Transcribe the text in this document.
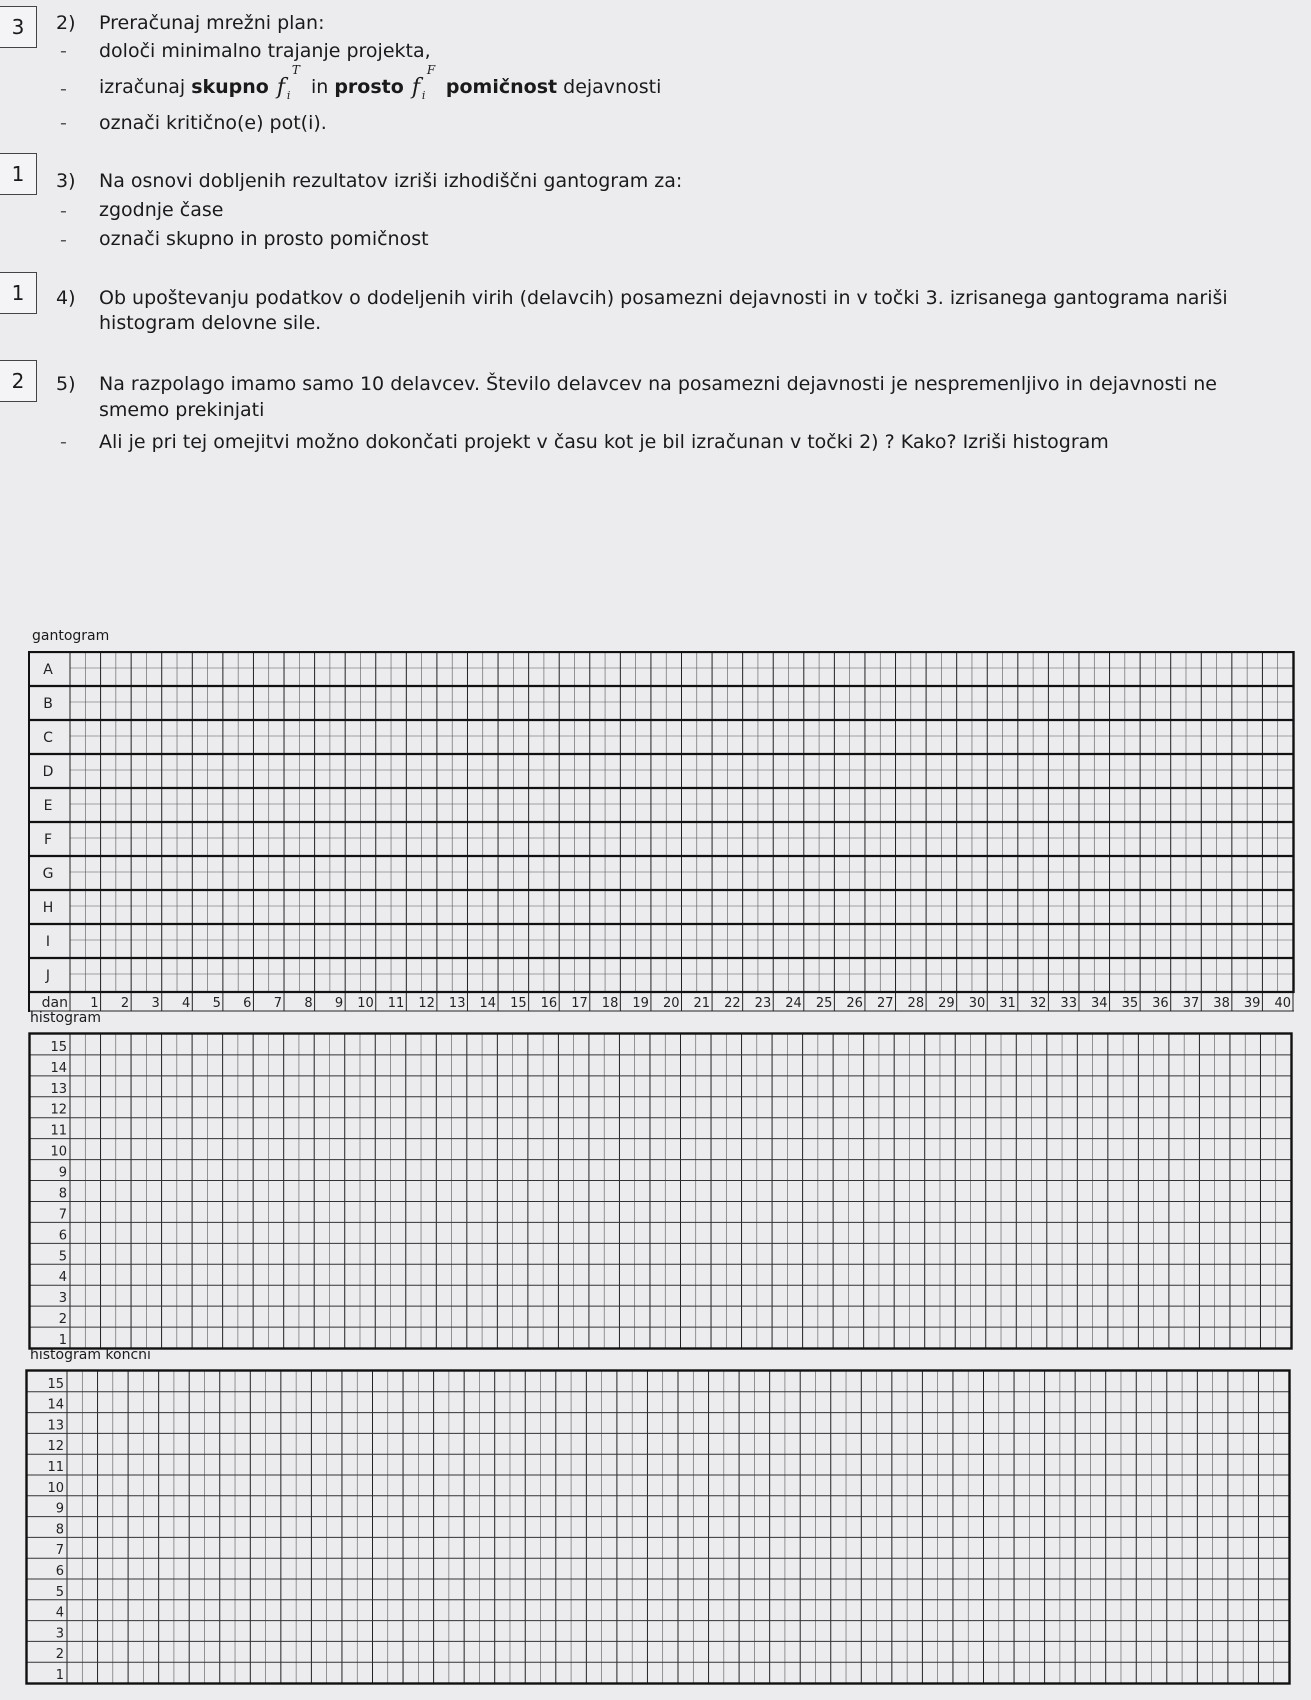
3	2) Preračunaj mrežni plan:
- določi minimalno trajanje projekta,
- izračunaj skupno f
T
i in prosto f
F
i pomičnost dejavnosti
- označi kritično(e) pot(i).
1	3) Na osnovi dobljenih rezultatov izriši izhodiščni gantogram za:
- zgodnje čase
- označi skupno in prosto pomičnost
1	4) Ob upoštevanju podatkov o dodeljenih virih (delavcih) posamezni dejavnosti in v točki 3. izrisanega gantograma nariši
histogram delovne sile.
2	5) Na razpolago imamo samo 10 delavcev. Število delavcev na posamezni dejavnosti je nespremenljivo in dejavnosti ne
smemo prekinjati
- Ali je pri tej omejitvi možno dokončati projekt v času kot je bil izračunan v točki 2) ? Kako? Izriši histogram
gantogram
A
B
C
D
E
F
G
H
I
J
dan 1 2 3 4 5 6 7 8 9 10 11 12 13 14 15 16 17 18 19 20 21 22 23 24 25 26 27 28 29 30 31 32 33 34 35 36 37 38 39 40
histogram
15
14
13
12
11
10
9
8
7
6
5
4
3
2
1
histogram koncni
15
14
13
12
11
10
9
8
7
6
5
4
3
2
1
